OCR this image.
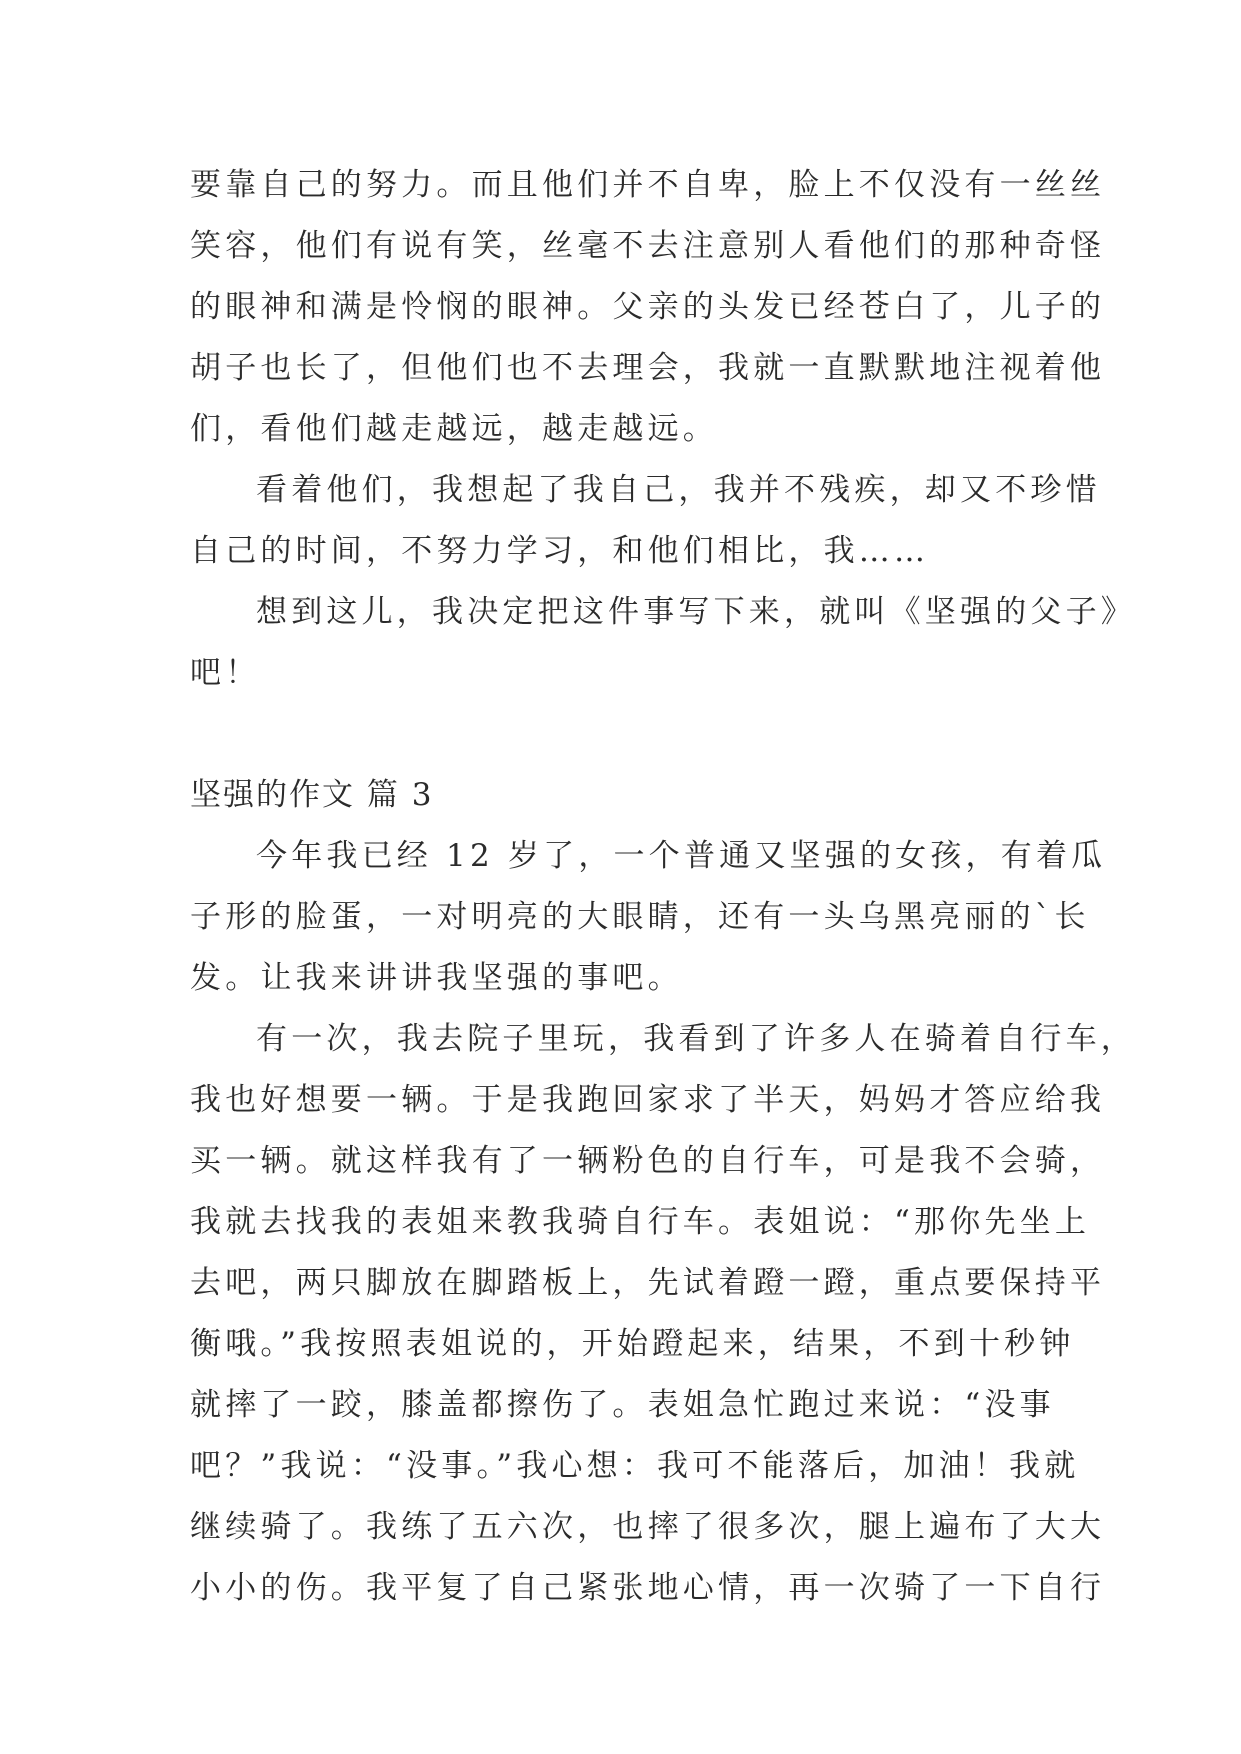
要靠自己的努力。而且他们并不自卑，脸上不仅没有一丝丝
笑容，他们有说有笑，丝毫不去注意别人看他们的那种奇怪
的眼神和满是怜悯的眼神。父亲的头发已经苍白了，儿子的
胡子也长了，但他们也不去理会，我就一直默默地注视着他
们，看他们越走越远，越走越远。
看着他们，我想起了我自己，我并不残疾，却又不珍惜
自己的时间，不努力学习，和他们相比，我……
想到这儿，我决定把这件事写下来，就叫《坚强的父子》
吧！
坚强的作文 篇 3
今年我已经 12 岁了，一个普通又坚强的女孩，有着瓜
子形的脸蛋，一对明亮的大眼睛，还有一头乌黑亮丽的`长
发。让我来讲讲我坚强的事吧。
有一次，我去院子里玩，我看到了许多人在骑着自行车，
我也好想要一辆。于是我跑回家求了半天，妈妈才答应给我
买一辆。就这样我有了一辆粉色的自行车，可是我不会骑，
我就去找我的表姐来教我骑自行车。表姐说：“那你先坐上
去吧，两只脚放在脚踏板上，先试着蹬一蹬，重点要保持平
衡哦。”我按照表姐说的，开始蹬起来，结果，不到十秒钟
就摔了一跤，膝盖都擦伤了。表姐急忙跑过来说：“没事
吧？”我说：“没事。”我心想：我可不能落后，加油！我就
继续骑了。我练了五六次，也摔了很多次，腿上遍布了大大
小小的伤。我平复了自己紧张地心情，再一次骑了一下自行
